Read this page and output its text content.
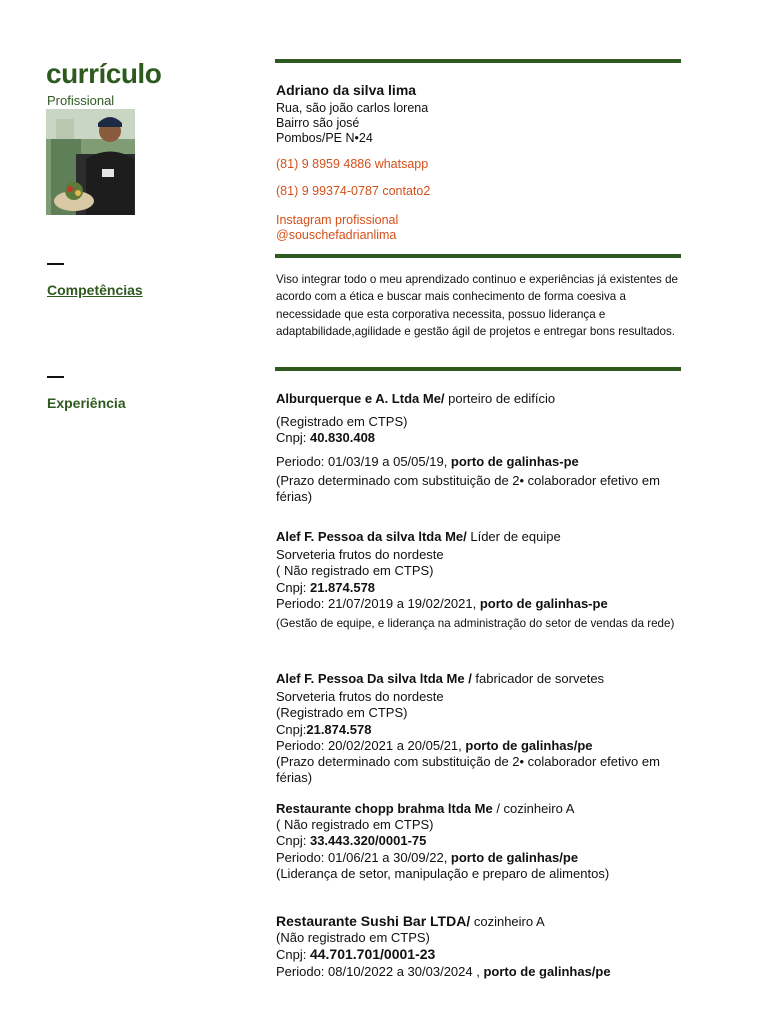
currículo
Profissional
Competências
Experiência
Adriano da silva lima
Rua, são joão carlos lorena
Bairro são josé
Pombos/PE N•24
(81) 9 8959 4886 whatsapp
(81) 9 99374-0787 contato2
Instagram profissional
@souschefadrianlima
Viso integrar todo o meu aprendizado continuo e experiências já existentes de acordo com a ética e buscar mais conhecimento de forma coesiva a necessidade que esta corporativa necessita, possuo liderança e adaptabilidade,agilidade e gestão ágil de projetos e entregar bons resultados.
Alburquerque e A. Ltda Me/ porteiro de edifício
(Registrado em CTPS)
Cnpj: 40.830.408
Periodo: 01/03/19 a 05/05/19, porto de galinhas-pe
(Prazo determinado com substituição de 2• colaborador efetivo em férias)
Alef F. Pessoa da silva ltda Me/ Líder de equipe
Sorveteria frutos do nordeste
( Não registrado em CTPS)
Cnpj: 21.874.578
Periodo: 21/07/2019 a 19/02/2021, porto de galinhas-pe
(Gestão de equipe, e liderança na administração do setor de vendas da rede)
Alef F. Pessoa Da silva ltda Me / fabricador de sorvetes
Sorveteria frutos do nordeste
(Registrado em CTPS)
Cnpj:21.874.578
Periodo: 20/02/2021 a 20/05/21, porto de galinhas/pe
(Prazo determinado com substituição de 2• colaborador efetivo em férias)
Restaurante chopp brahma ltda Me / cozinheiro A
( Não registrado em CTPS)
Cnpj: 33.443.320/0001-75
Periodo: 01/06/21 a 30/09/22, porto de galinhas/pe
(Liderança de setor, manipulação e preparo de alimentos)
Restaurante Sushi Bar LTDA/ cozinheiro A
(Não registrado em CTPS)
Cnpj: 44.701.701/0001-23
Periodo: 08/10/2022 a 30/03/2024 , porto de galinhas/pe
